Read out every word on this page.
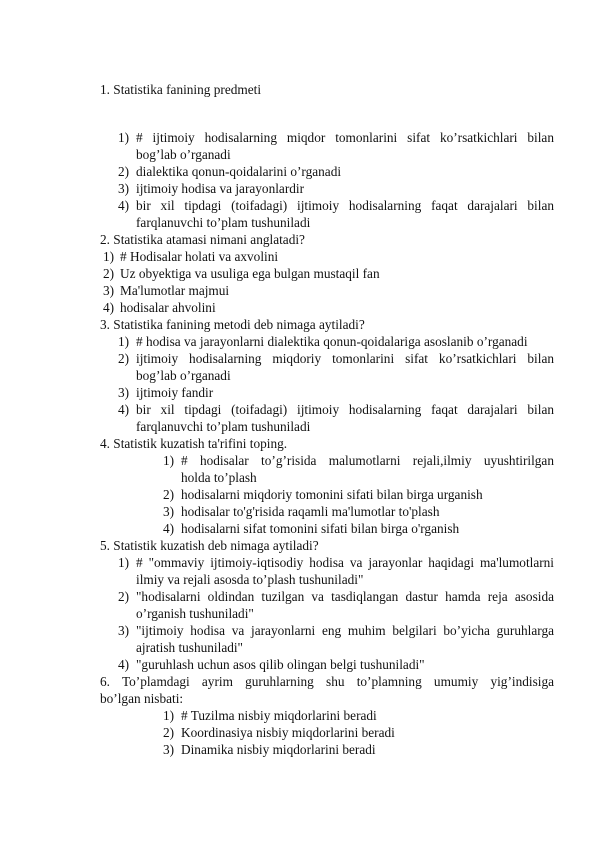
1. Statistika fanining predmeti
1) # ijtimoiy hodisalarning miqdor tomonlarini sifat ko’rsatkichlari bilan
bog’lab o’rganadi
2) dialektika qonun-qoidalarini o’rganadi
3) ijtimoiy hodisa va jarayonlardir
4) bir xil tipdagi (toifadagi) ijtimoiy hodisalarning faqat darajalari bilan
farqlanuvchi to’plam tushuniladi
2. Statistika atamasi nimani anglatadi?
1) # Hodisalar holati va axvolini
2) Uz obyektiga va usuliga ega bulgan mustaqil fan
3) Ma'lumotlar majmui
4) hodisalar ahvolini
3. Statistika fanining metodi deb nimaga aytiladi?
1) # hodisa va jarayonlarni dialektika qonun-qoidalariga asoslanib o’rganadi
2) ijtimoiy hodisalarning miqdoriy tomonlarini sifat ko’rsatkichlari bilan
bog’lab o’rganadi
3) ijtimoiy fandir
4) bir xil tipdagi (toifadagi) ijtimoiy hodisalarning faqat darajalari bilan
farqlanuvchi to’plam tushuniladi
4. Statistik kuzatish ta'rifini toping.
1) # hodisalar to’g’risida malumotlarni rejali,ilmiy uyushtirilgan
holda to’plash
2) hodisalarni miqdoriy tomonini sifati bilan birga urganish
3) hodisalar to'g'risida raqamli ma'lumotlar to'plash
4) hodisalarni sifat tomonini sifati bilan birga o'rganish
5. Statistik kuzatish deb nimaga aytiladi?
1) # "ommaviy ijtimoiy-iqtisodiy hodisa va jarayonlar haqidagi ma'lumotlarni
ilmiy va rejali asosda to’plash tushuniladi"
2) "hodisalarni oldindan tuzilgan va tasdiqlangan dastur hamda reja asosida
o’rganish tushuniladi"
3) "ijtimoiy hodisa va jarayonlarni eng muhim belgilari bo’yicha guruhlarga
ajratish tushuniladi"
4) "guruhlash uchun asos qilib olingan belgi tushuniladi"
6. To’plamdagi ayrim guruhlarning shu to’plamning umumiy yig’indisiga
bo’lgan nisbati:
1) # Tuzilma nisbiy miqdorlarini beradi
2) Koordinasiya nisbiy miqdorlarini beradi
3) Dinamika nisbiy miqdorlarini beradi
